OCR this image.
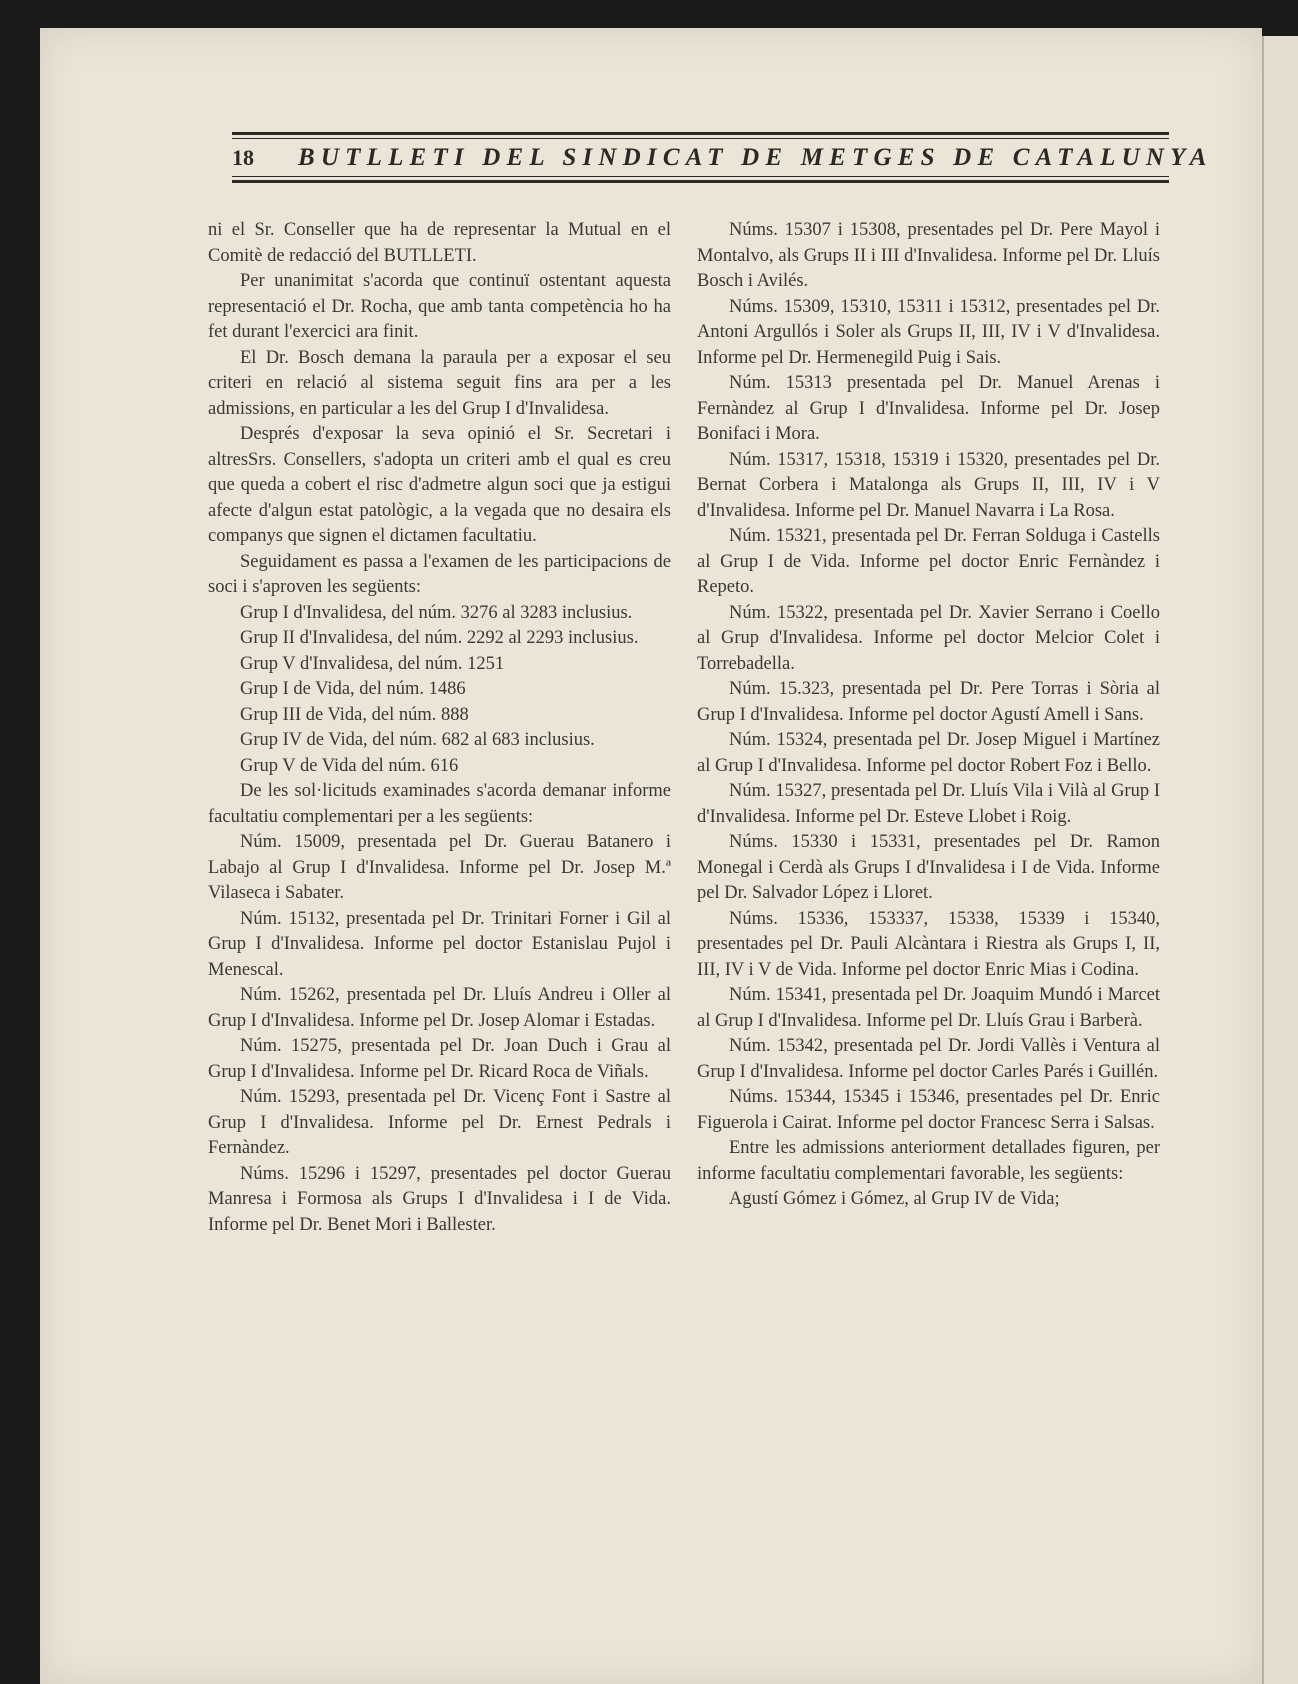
18 BUTLLETI DEL SINDICAT DE METGES DE CATALUNYA

ni el Sr. Conseller que ha de representar la Mutual en el Comitè de redacció del BUTLLETI.

Per unanimitat s'acorda que continuï ostentant aquesta representació el Dr. Rocha, que amb tanta competència ho ha fet durant l'exercici ara finit.

El Dr. Bosch demana la paraula per a exposar el seu criteri en relació al sistema seguit fins ara per a les admissions, en particular a les del Grup I d'Invalidesa.

Després d'exposar la seva opinió el Sr. Secretari i altresSrs. Consellers, s'adopta un criteri amb el qual es creu que queda a cobert el risc d'admetre algun soci que ja estigui afecte d'algun estat patològic, a la vegada que no desaira els companys que signen el dictamen facultatiu.

Seguidament es passa a l'examen de les participacions de soci i s'aproven les següents:

Grup I d'Invalidesa, del núm. 3276 al 3283 inclusius.

Grup II d'Invalidesa, del núm. 2292 al 2293 inclusius.

Grup V d'Invalidesa, del núm. 1251

Grup I de Vida, del núm. 1486

Grup III de Vida, del núm. 888

Grup IV de Vida, del núm. 682 al 683 inclusius.

Grup V de Vida del núm. 616

De les sol·licituds examinades s'acorda demanar informe facultatiu complementari per a les següents:

Núm. 15009, presentada pel Dr. Guerau Batanero i Labajo al Grup I d'Invalidesa. Informe pel Dr. Josep M.ª Vilaseca i Sabater.

Núm. 15132, presentada pel Dr. Trinitari Forner i Gil al Grup I d'Invalidesa. Informe pel doctor Estanislau Pujol i Menescal.

Núm. 15262, presentada pel Dr. Lluís Andreu i Oller al Grup I d'Invalidesa. Informe pel Dr. Josep Alomar i Estadas.

Núm. 15275, presentada pel Dr. Joan Duch i Grau al Grup I d'Invalidesa. Informe pel Dr. Ricard Roca de Viñals.

Núm. 15293, presentada pel Dr. Vicenç Font i Sastre al Grup I d'Invalidesa. Informe pel Dr. Ernest Pedrals i Fernàndez.

Núms. 15296 i 15297, presentades pel doctor Guerau Manresa i Formosa als Grups I d'Invalidesa i I de Vida. Informe pel Dr. Benet Mori i Ballester.

Núms. 15307 i 15308, presentades pel Dr. Pere Mayol i Montalvo, als Grups II i III d'Invalidesa. Informe pel Dr. Lluís Bosch i Avilés.

Núms. 15309, 15310, 15311 i 15312, presentades pel Dr. Antoni Argullós i Soler als Grups II, III, IV i V d'Invalidesa. Informe pel Dr. Hermenegild Puig i Sais.

Núm. 15313 presentada pel Dr. Manuel Arenas i Fernàndez al Grup I d'Invalidesa. Informe pel Dr. Josep Bonifaci i Mora.

Núm. 15317, 15318, 15319 i 15320, presentades pel Dr. Bernat Corbera i Matalonga als Grups II, III, IV i V d'Invalidesa. Informe pel Dr. Manuel Navarra i La Rosa.

Núm. 15321, presentada pel Dr. Ferran Solduga i Castells al Grup I de Vida. Informe pel doctor Enric Fernàndez i Repeto.

Núm. 15322, presentada pel Dr. Xavier Serrano i Coello al Grup d'Invalidesa. Informe pel doctor Melcior Colet i Torrebadella.

Núm. 15.323, presentada pel Dr. Pere Torras i Sòria al Grup I d'Invalidesa. Informe pel doctor Agustí Amell i Sans.

Núm. 15324, presentada pel Dr. Josep Miguel i Martínez al Grup I d'Invalidesa. Informe pel doctor Robert Foz i Bello.

Núm. 15327, presentada pel Dr. Lluís Vila i Vilà al Grup I d'Invalidesa. Informe pel Dr. Esteve Llobet i Roig.

Núms. 15330 i 15331, presentades pel Dr. Ramon Monegal i Cerdà als Grups I d'Invalidesa i I de Vida. Informe pel Dr. Salvador López i Lloret.

Núms. 15336, 153337, 15338, 15339 i 15340, presentades pel Dr. Pauli Alcàntara i Riestra als Grups I, II, III, IV i V de Vida. Informe pel doctor Enric Mias i Codina.

Núm. 15341, presentada pel Dr. Joaquim Mundó i Marcet al Grup I d'Invalidesa. Informe pel Dr. Lluís Grau i Barberà.

Núm. 15342, presentada pel Dr. Jordi Vallès i Ventura al Grup I d'Invalidesa. Informe pel doctor Carles Parés i Guillén.

Núms. 15344, 15345 i 15346, presentades pel Dr. Enric Figuerola i Cairat. Informe pel doctor Francesc Serra i Salsas.

Entre les admissions anteriorment detallades figuren, per informe facultatiu complementari favorable, les següents:

Agustí Gómez i Gómez, al Grup IV de Vida;
